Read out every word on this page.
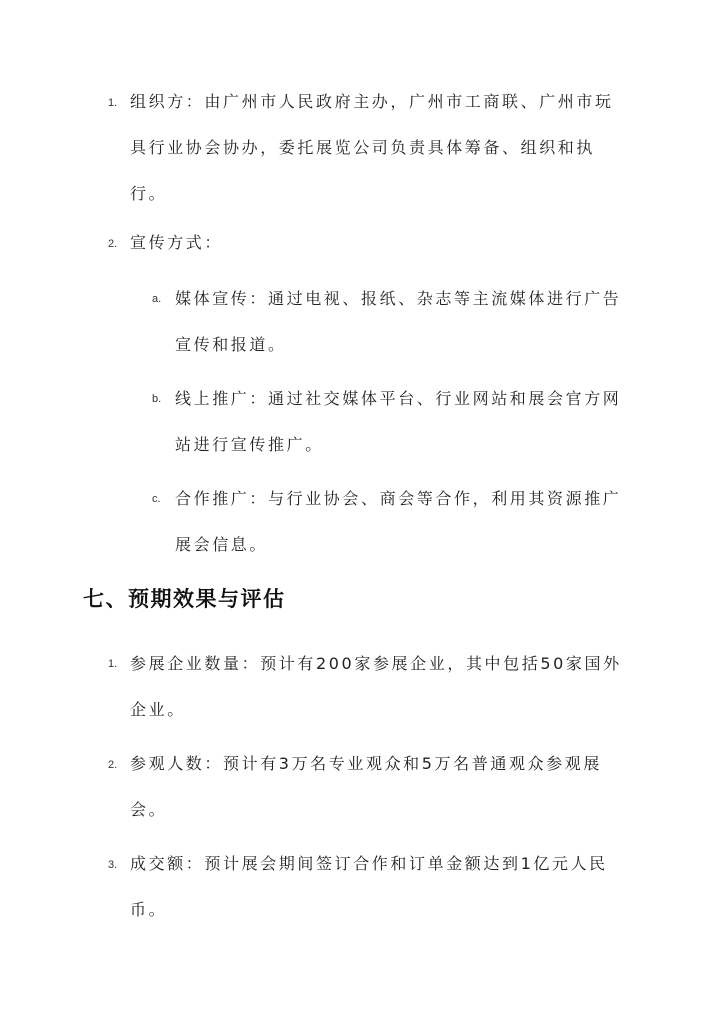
1. 组织方：由广州市人民政府主办，广州市工商联、广州市玩具行业协会协办，委托展览公司负责具体筹备、组织和执行。
2. 宣传方式：
a. 媒体宣传：通过电视、报纸、杂志等主流媒体进行广告宣传和报道。
b. 线上推广：通过社交媒体平台、行业网站和展会官方网站进行宣传推广。
c. 合作推广：与行业协会、商会等合作，利用其资源推广展会信息。
七、预期效果与评估
1. 参展企业数量：预计有200家参展企业，其中包括50家国外企业。
2. 参观人数：预计有3万名专业观众和5万名普通观众参观展会。
3. 成交额：预计展会期间签订合作和订单金额达到1亿元人民币。
